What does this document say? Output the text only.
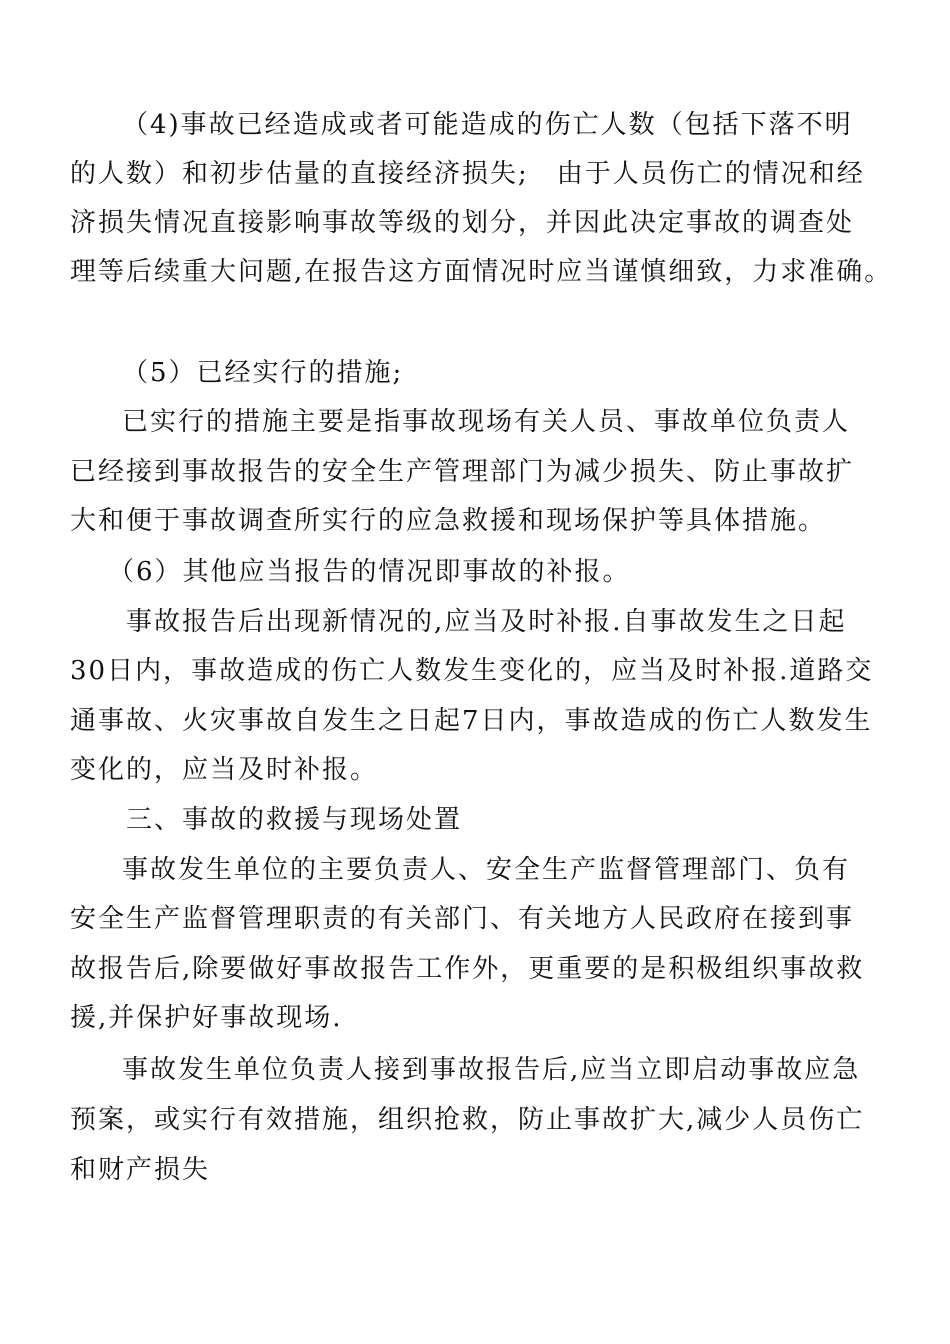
（4)事故已经造成或者可能造成的伤亡人数（包括下落不明
的人数）和初步估量的直接经济损失;　由于人员伤亡的情况和经
济损失情况直接影响事故等级的划分，并因此决定事故的调查处
理等后续重大问题,在报告这方面情况时应当谨慎细致，力求准确。
（5）已经实行的措施;
已实行的措施主要是指事故现场有关人员、事故单位负责人
已经接到事故报告的安全生产管理部门为减少损失、防止事故扩
大和便于事故调查所实行的应急救援和现场保护等具体措施。
（6）其他应当报告的情况即事故的补报。
事故报告后出现新情况的,应当及时补报.自事故发生之日起
30日内，事故造成的伤亡人数发生变化的，应当及时补报.道路交
通事故、火灾事故自发生之日起7日内，事故造成的伤亡人数发生
变化的，应当及时补报。
三、事故的救援与现场处置
事故发生单位的主要负责人、安全生产监督管理部门、负有
安全生产监督管理职责的有关部门、有关地方人民政府在接到事
故报告后,除要做好事故报告工作外，更重要的是积极组织事故救
援,并保护好事故现场.
事故发生单位负责人接到事故报告后,应当立即启动事故应急
预案，或实行有效措施，组织抢救，防止事故扩大,减少人员伤亡
和财产损失
